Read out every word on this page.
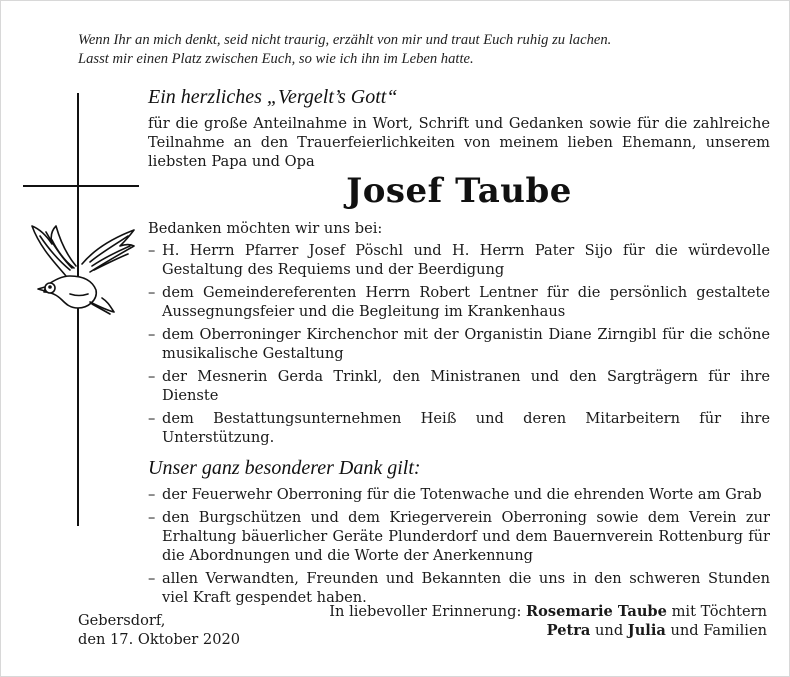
Wenn Ihr an mich denkt, seid nicht traurig, erzählt von mir und traut Euch ruhig zu lachen.
Lasst mir einen Platz zwischen Euch, so wie ich ihn im Leben hatte.

Ein herzliches „Vergelt’s Gott“

für die große Anteilnahme in Wort, Schrift und Gedanken sowie für die zahlreiche Teilnahme an den Trauerfeierlichkeiten von meinem lieben Ehemann, unserem liebsten Papa und Opa

Josef Taube

Bedanken möchten wir uns bei:

– H. Herrn Pfarrer Josef Pöschl und H. Herrn Pater Sijo für die würdevolle Gestaltung des Requiems und der Beerdigung
– dem Gemeindereferenten Herrn Robert Lentner für die persönlich gestaltete Aussegnungsfeier und die Begleitung im Krankenhaus
– dem Oberroninger Kirchenchor mit der Organistin Diane Zirngibl für die schöne musikalische Gestaltung
– der Mesnerin Gerda Trinkl, den Ministranen und den Sargträgern für ihre Dienste
– dem Bestattungsunternehmen Heiß und deren Mitarbeitern für ihre Unterstützung.

Unser ganz besonderer Dank gilt:

– der Feuerwehr Oberroning für die Totenwache und die ehrenden Worte am Grab
– den Burgschützen und dem Kriegerverein Oberroning sowie dem Verein zur Erhaltung bäuerlicher Geräte Plunderdorf und dem Bauernverein Rottenburg für die Abordnungen und die Worte der Anerkennung
– allen Verwandten, Freunden und Bekannten die uns in den schweren Stunden viel Kraft gespendet haben.
Gebersdorf,
den 17. Oktober 2020
In liebevoller Erinnerung: Rosemarie Taube mit Töchtern
Petra und Julia und Familien
